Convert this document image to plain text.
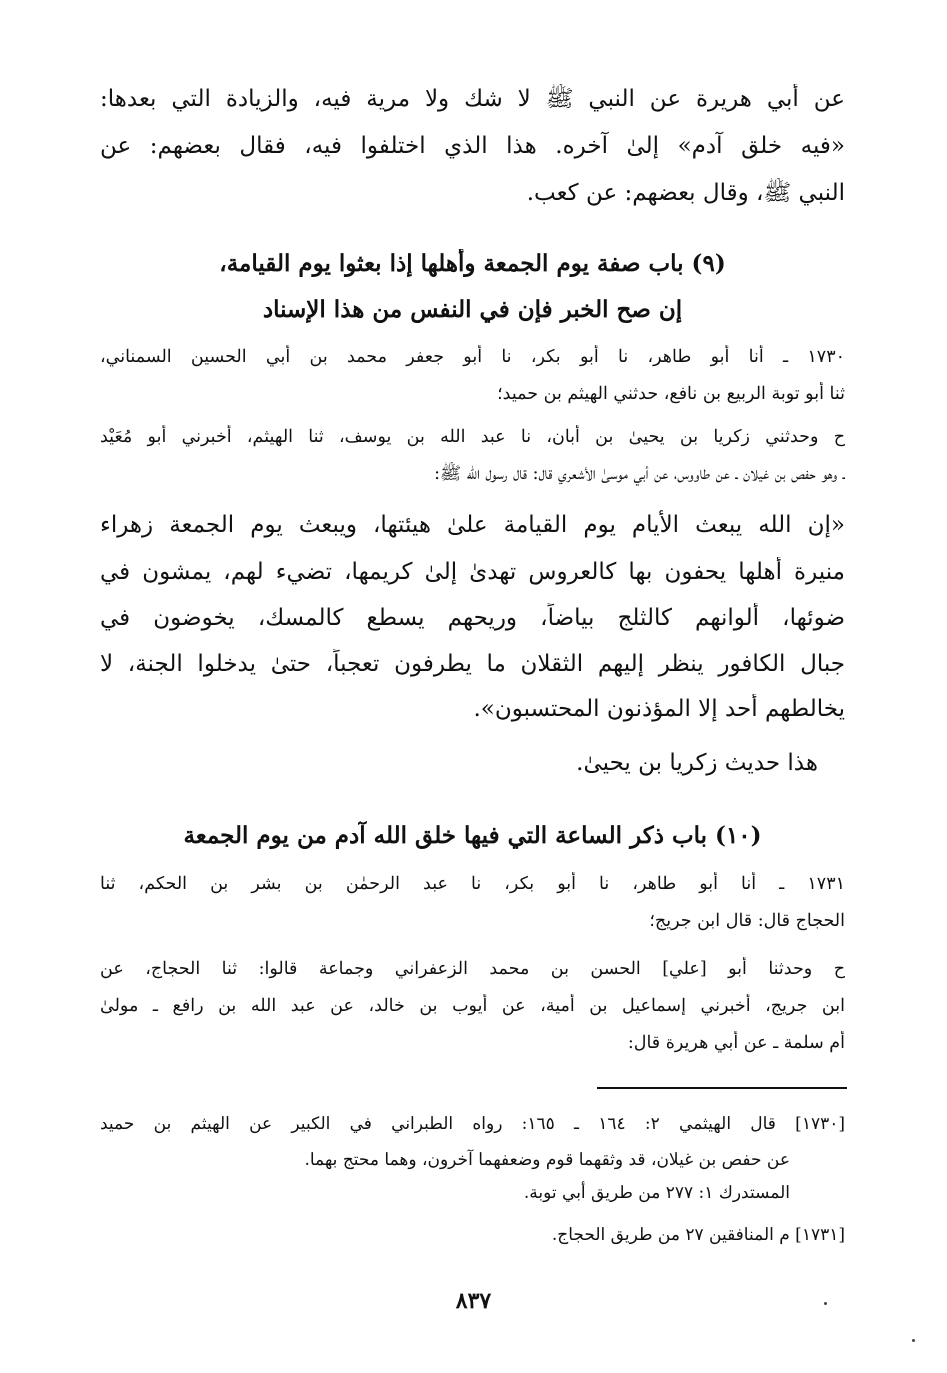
عن أبي هريرة عن النبي ﷺ لا شك ولا مرية فيه، والزيادة التي بعدها:
«فيه خلق آدم» إلىٰ آخره. هذا الذي اختلفوا فيه، فقال بعضهم: عن
النبي ﷺ، وقال بعضهم: عن كعب.
(٩) باب صفة يوم الجمعة وأهلها إذا بعثوا يوم القيامة،
إن صح الخبر فإن في النفس من هذا الإسناد
١٧٣٠ ـ أنا أبو طاهر، نا أبو بكر، نا أبو جعفر محمد بن أبي الحسين السمناني،
ثنا أبو توبة الربيع بن نافع، حدثني الهيثم بن حميد؛
ح وحدثني زكريا بن يحيىٰ بن أبان، نا عبد الله بن يوسف، ثنا الهيثم، أخبرني أبو مُعَيْد
ـ وهو حفص بن غيلان ـ عن طاووس، عن أبي موسىٰ الأشعري قال: قال رسول الله ﷺ:
«إن الله يبعث الأيام يوم القيامة علىٰ هيئتها، ويبعث يوم الجمعة زهراء
منيرة أهلها يحفون بها كالعروس تهدىٰ إلىٰ كريمها، تضيء لهم، يمشون في
ضوئها، ألوانهم كالثلج بياضاً، وريحهم يسطع كالمسك، يخوضون في
جبال الكافور ينظر إليهم الثقلان ما يطرفون تعجباً، حتىٰ يدخلوا الجنة، لا
يخالطهم أحد إلا المؤذنون المحتسبون».
هذا حديث زكريا بن يحيىٰ.
(١٠) باب ذكر الساعة التي فيها خلق الله آدم من يوم الجمعة
١٧٣١ ـ أنا أبو طاهر، نا أبو بكر، نا عبد الرحمٰن بن بشر بن الحكم، ثنا
الحجاج قال: قال ابن جريج؛
ح وحدثنا أبو [علي] الحسن بن محمد الزعفراني وجماعة قالوا: ثنا الحجاج، عن
ابن جريج، أخبرني إسماعيل بن أمية، عن أيوب بن خالد، عن عبد الله بن رافع ـ مولىٰ
أم سلمة ـ عن أبي هريرة قال:
[١٧٣٠] قال الهيثمي ٢: ١٦٤ ـ ١٦٥: رواه الطبراني في الكبير عن الهيثم بن حميد
عن حفص بن غيلان، قد وثقهما قوم وضعفهما آخرون، وهما محتج بهما.
المستدرك ١: ٢٧٧ من طريق أبي توبة.
[١٧٣١] م المنافقين ٢٧ من طريق الحجاج.
٨٣٧
